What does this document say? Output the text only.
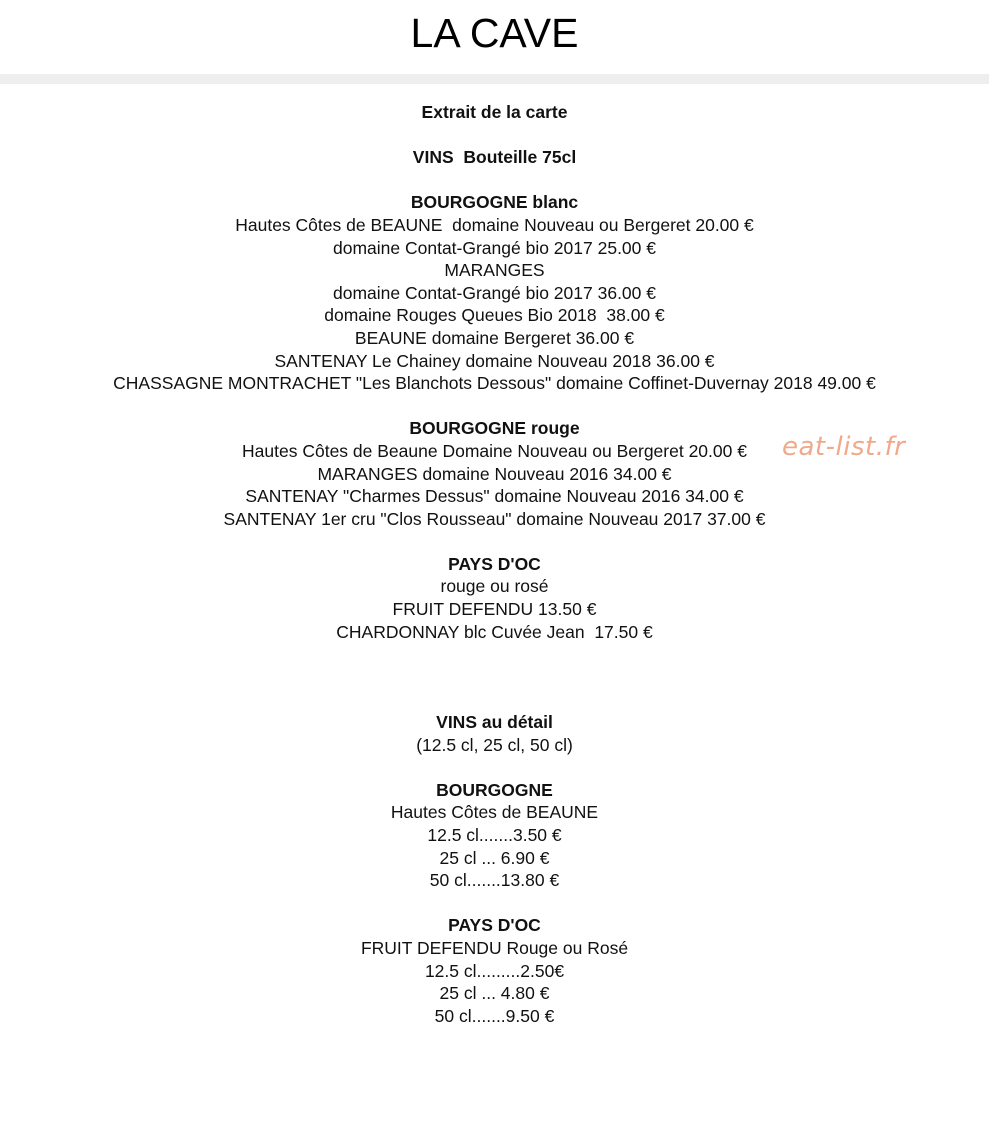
LA CAVE
Extrait de la carte
VINS  Bouteille 75cl
BOURGOGNE blanc
Hautes Côtes de BEAUNE  domaine Nouveau ou Bergeret 20.00 €
domaine Contat-Grangé bio 2017 25.00 €
MARANGES
domaine Contat-Grangé bio 2017 36.00 €
domaine Rouges Queues Bio 2018  38.00 €
BEAUNE domaine Bergeret 36.00 €
SANTENAY Le Chainey domaine Nouveau 2018 36.00 €
CHASSAGNE MONTRACHET "Les Blanchots Dessous" domaine Coffinet-Duvernay 2018 49.00 €
BOURGOGNE rouge
Hautes Côtes de Beaune Domaine Nouveau ou Bergeret 20.00 €
MARANGES domaine Nouveau 2016 34.00 €
SANTENAY "Charmes Dessus" domaine Nouveau 2016 34.00 €
SANTENAY 1er cru "Clos Rousseau" domaine Nouveau 2017 37.00 €
PAYS D'OC
rouge ou rosé
FRUIT DEFENDU 13.50 €
CHARDONNAY blc Cuvée Jean  17.50 €
VINS au détail
(12.5 cl, 25 cl, 50 cl)
BOURGOGNE
Hautes Côtes de BEAUNE
12.5 cl.......3.50 €
25 cl ... 6.90 €
50 cl.......13.80 €
PAYS D'OC
FRUIT DEFENDU Rouge ou Rosé
12.5 cl.........2.50€
25 cl ... 4.80 €
50 cl.......9.50 €
eat-list.fr
